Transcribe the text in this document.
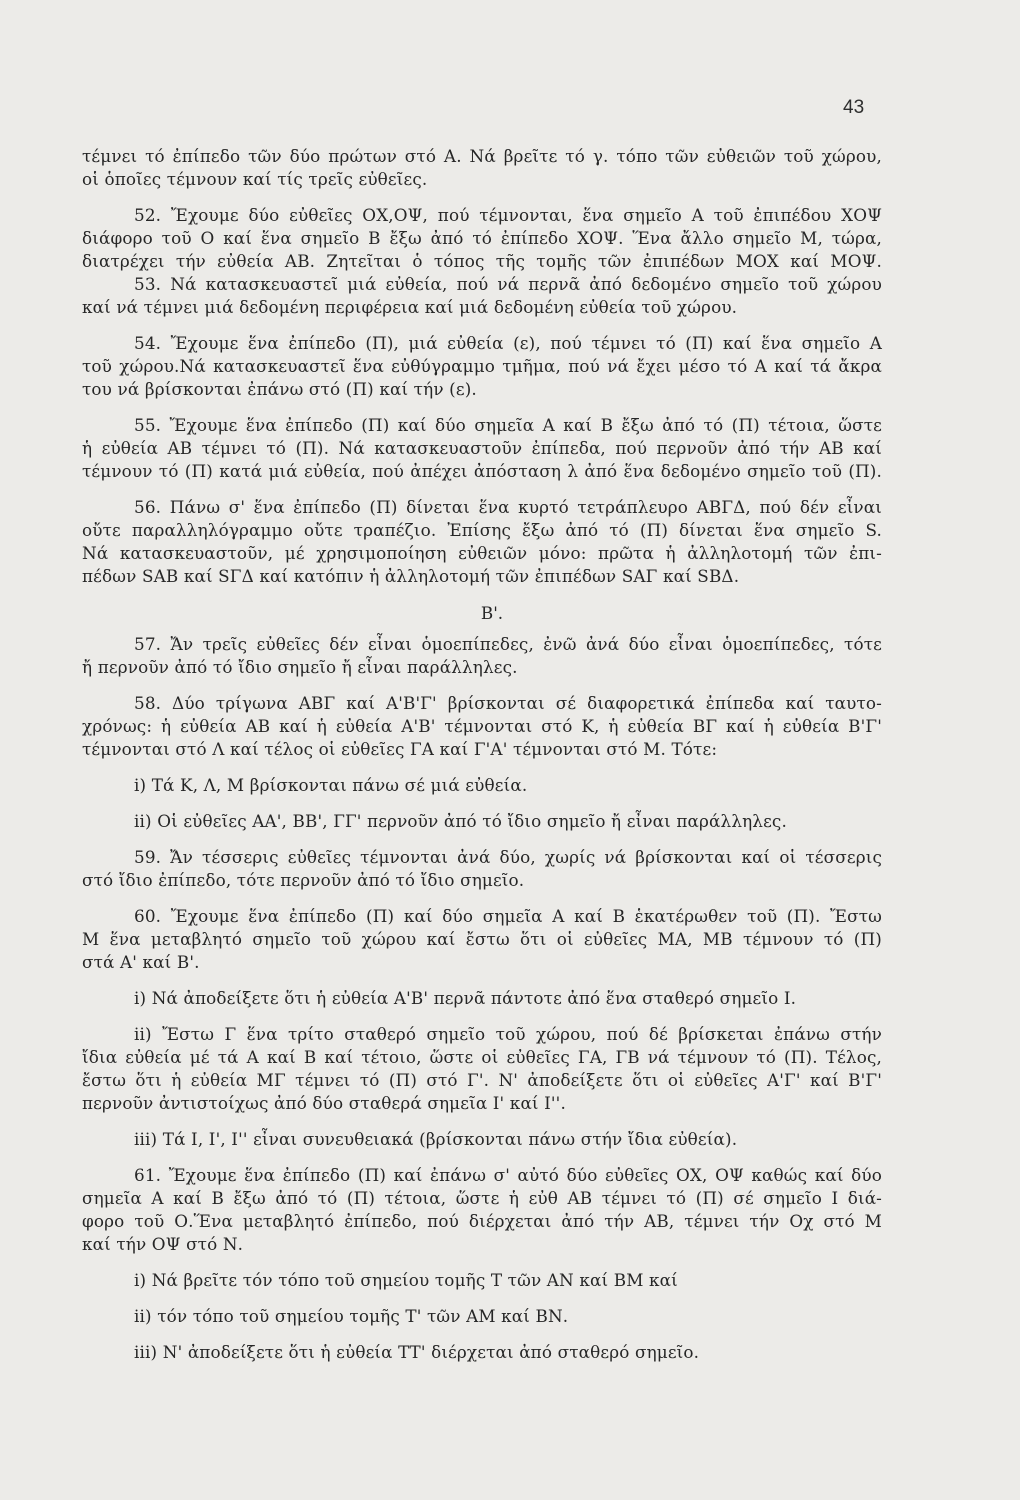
43
τέμνει τό ἐπίπεδο τῶν δύο πρώτων στό Α. Νά βρεῖτε τό γ. τόπο τῶν εὐθειῶν τοῦ χώρου,
οἱ ὁποῖες τέμνουν καί τίς τρεῖς εὐθεῖες.
52. Ἔχουμε δύο εὐθεῖες ΟΧ,ΟΨ, πού τέμνονται, ἕνα σημεῖο Α τοῦ ἐπιπέδου ΧΟΨ
διάφορο τοῦ Ο καί ἕνα σημεῖο Β ἔξω ἀπό τό ἐπίπεδο ΧΟΨ. Ἕνα ἄλλο σημεῖο Μ, τώρα,
διατρέχει τήν εὐθεία ΑΒ. Ζητεῖται ὁ τόπος τῆς τομῆς τῶν ἐπιπέδων ΜΟΧ καί ΜΟΨ.
53. Νά κατασκευαστεῖ μιά εὐθεία, πού νά περνᾶ ἀπό δεδομένο σημεῖο τοῦ χώρου
καί νά τέμνει μιά δεδομένη περιφέρεια καί μιά δεδομένη εὐθεία τοῦ χώρου.
54. Ἔχουμε ἕνα ἐπίπεδο (Π), μιά εὐθεία (ε), πού τέμνει τό (Π) καί ἕνα σημεῖο Α
τοῦ χώρου.Νά κατασκευαστεῖ ἕνα εὐθύγραμμο τμῆμα, πού νά ἔχει μέσο τό Α καί τά ἄκρα
του νά βρίσκονται ἐπάνω στό (Π) καί τήν (ε).
55. Ἔχουμε ἕνα ἐπίπεδο (Π) καί δύο σημεῖα Α καί Β ἔξω ἀπό τό (Π) τέτοια, ὥστε
ἡ εὐθεία ΑΒ τέμνει τό (Π). Νά κατασκευαστοῦν ἐπίπεδα, πού περνοῦν ἀπό τήν ΑΒ καί
τέμνουν τό (Π) κατά μιά εὐθεία, πού ἀπέχει ἀπόσταση λ ἀπό ἕνα δεδομένο σημεῖο τοῦ (Π).
56. Πάνω σ' ἕνα ἐπίπεδο (Π) δίνεται ἕνα κυρτό τετράπλευρο ΑΒΓΔ, πού δέν εἶναι
οὔτε παραλληλόγραμμο οὔτε τραπέζιο. Ἐπίσης ἔξω ἀπό τό (Π) δίνεται ἕνα σημεῖο S.
Νά κατασκευαστοῦν, μέ χρησιμοποίηση εὐθειῶν μόνο: πρῶτα ἡ ἀλληλοτομή τῶν ἐπι-
πέδων SAB καί SΓΔ καί κατόπιν ἡ ἀλληλοτομή τῶν ἐπιπέδων SAΓ καί SBΔ.
Β'.
57. Ἄν τρεῖς εὐθεῖες δέν εἶναι ὁμοεπίπεδες, ἐνῶ ἀνά δύο εἶναι ὁμοεπίπεδες, τότε
ἤ περνοῦν ἀπό τό ἴδιο σημεῖο ἤ εἶναι παράλληλες.
58. Δύο τρίγωνα ΑΒΓ καί Α'Β'Γ' βρίσκονται σέ διαφορετικά ἐπίπεδα καί ταυτο-
χρόνως: ἡ εὐθεία ΑΒ καί ἡ εὐθεία Α'Β' τέμνονται στό Κ, ἡ εὐθεία ΒΓ καί ἡ εὐθεία Β'Γ'
τέμνονται στό Λ καί τέλος οἱ εὐθεῖες ΓΑ καί Γ'Α' τέμνονται στό Μ. Τότε:
i) Τά Κ, Λ, Μ βρίσκονται πάνω σέ μιά εὐθεία.
ii) Οἱ εὐθεῖες ΑΑ', ΒΒ', ΓΓ' περνοῦν ἀπό τό ἴδιο σημεῖο ἤ εἶναι παράλληλες.
59. Ἄν τέσσερις εὐθεῖες τέμνονται ἀνά δύο, χωρίς νά βρίσκονται καί οἱ τέσσερις
στό ἴδιο ἐπίπεδο, τότε περνοῦν ἀπό τό ἴδιο σημεῖο.
60. Ἔχουμε ἕνα ἐπίπεδο (Π) καί δύο σημεῖα Α καί Β ἑκατέρωθεν τοῦ (Π). Ἔστω
Μ ἕνα μεταβλητό σημεῖο τοῦ χώρου καί ἔστω ὅτι οἱ εὐθεῖες ΜΑ, ΜΒ τέμνουν τό (Π)
στά Α' καί Β'.
i) Νά ἀποδείξετε ὅτι ἡ εὐθεία Α'Β' περνᾶ πάντοτε ἀπό ἕνα σταθερό σημεῖο Ι.
ii) Ἔστω Γ ἕνα τρίτο σταθερό σημεῖο τοῦ χώρου, πού δέ βρίσκεται ἐπάνω στήν
ἴδια εὐθεία μέ τά Α καί Β καί τέτοιο, ὥστε οἱ εὐθεῖες ΓΑ, ΓΒ νά τέμνουν τό (Π). Τέλος,
ἔστω ὅτι ἡ εὐθεία ΜΓ τέμνει τό (Π) στό Γ'. Ν' ἀποδείξετε ὅτι οἱ εὐθεῖες Α'Γ' καί Β'Γ'
περνοῦν ἀντιστοίχως ἀπό δύο σταθερά σημεῖα Ι' καί Ι''.
iii) Τά Ι, Ι', Ι'' εἶναι συνευθειακά (βρίσκονται πάνω στήν ἴδια εὐθεία).
61. Ἔχουμε ἕνα ἐπίπεδο (Π) καί ἐπάνω σ' αὐτό δύο εὐθεῖες ΟΧ, ΟΨ καθώς καί δύο
σημεῖα Α καί Β ἔξω ἀπό τό (Π) τέτοια, ὥστε ἡ εὐθ ΑΒ τέμνει τό (Π) σέ σημεῖο Ι διά-
φορο τοῦ Ο.Ἕνα μεταβλητό ἐπίπεδο, πού διέρχεται ἀπό τήν ΑΒ, τέμνει τήν Οχ στό Μ
καί τήν ΟΨ στό Ν.
i) Νά βρεῖτε τόν τόπο τοῦ σημείου τομῆς Τ τῶν ΑΝ καί ΒΜ καί
ii) τόν τόπο τοῦ σημείου τομῆς Τ' τῶν ΑΜ καί ΒΝ.
iii) Ν' ἀποδείξετε ὅτι ἡ εὐθεία ΤΤ' διέρχεται ἀπό σταθερό σημεῖο.
